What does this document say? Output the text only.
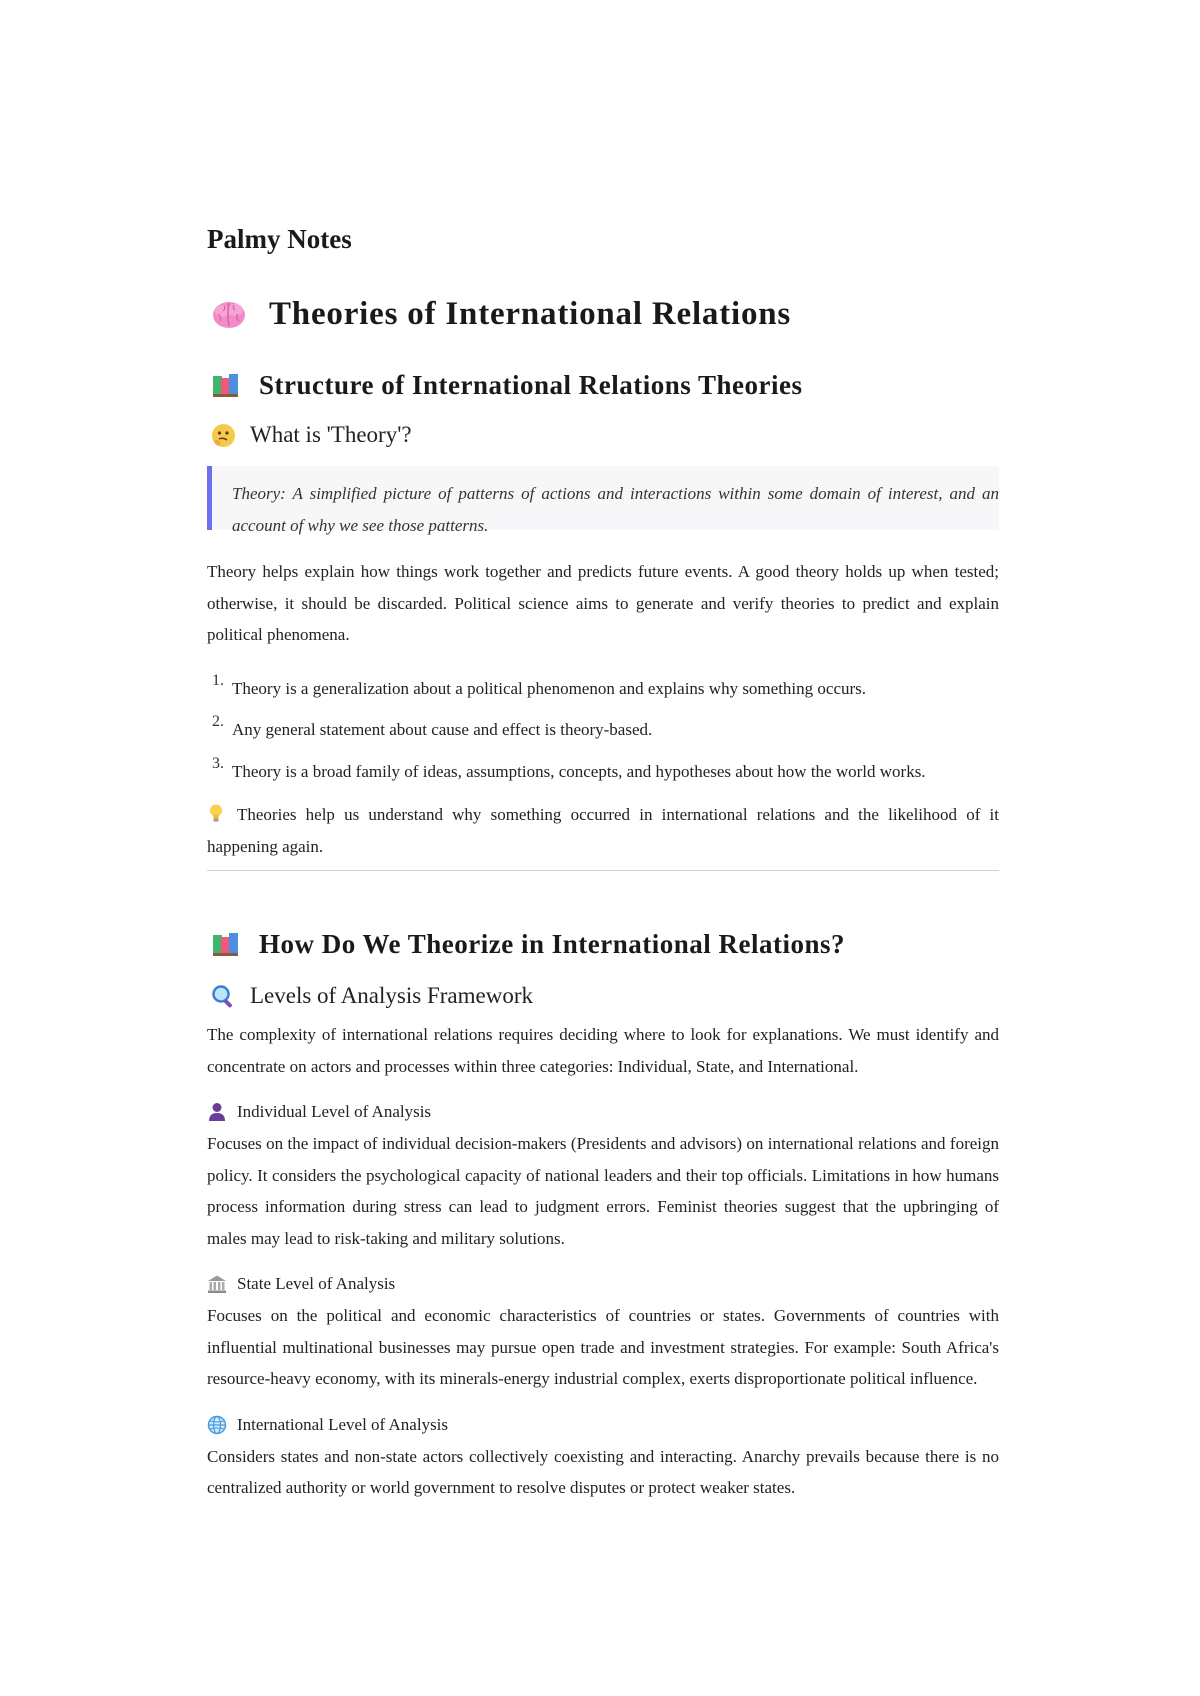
Palmy Notes
Theories of International Relations
Structure of International Relations Theories
What is 'Theory'?
Theory: A simplified picture of patterns of actions and interactions within some domain of interest, and an account of why we see those patterns.

Theory helps explain how things work together and predicts future events. A good theory holds up when tested; otherwise, it should be discarded. Political science aims to generate and verify theories to predict and explain political phenomena.

1. Theory is a generalization about a political phenomenon and explains why something occurs.
2. Any general statement about cause and effect is theory-based.
3. Theory is a broad family of ideas, assumptions, concepts, and hypotheses about how the world works.
Theories help us understand why something occurred in international relations and the likelihood of it happening again.
How Do We Theorize in International Relations?
Levels of Analysis Framework

The complexity of international relations requires deciding where to look for explanations. We must identify and concentrate on actors and processes within three categories: Individual, State, and International.

Individual Level of Analysis

Focuses on the impact of individual decision-makers (Presidents and advisors) on international relations and foreign policy. It considers the psychological capacity of national leaders and their top officials. Limitations in how humans process information during stress can lead to judgment errors. Feminist theories suggest that the upbringing of males may lead to risk-taking and military solutions.

State Level of Analysis

Focuses on the political and economic characteristics of countries or states. Governments of countries with influential multinational businesses may pursue open trade and investment strategies. For example: South Africa's resource-heavy economy, with its minerals-energy industrial complex, exerts disproportionate political influence.

International Level of Analysis

Considers states and non-state actors collectively coexisting and interacting. Anarchy prevails because there is no centralized authority or world government to resolve disputes or protect weaker states.
